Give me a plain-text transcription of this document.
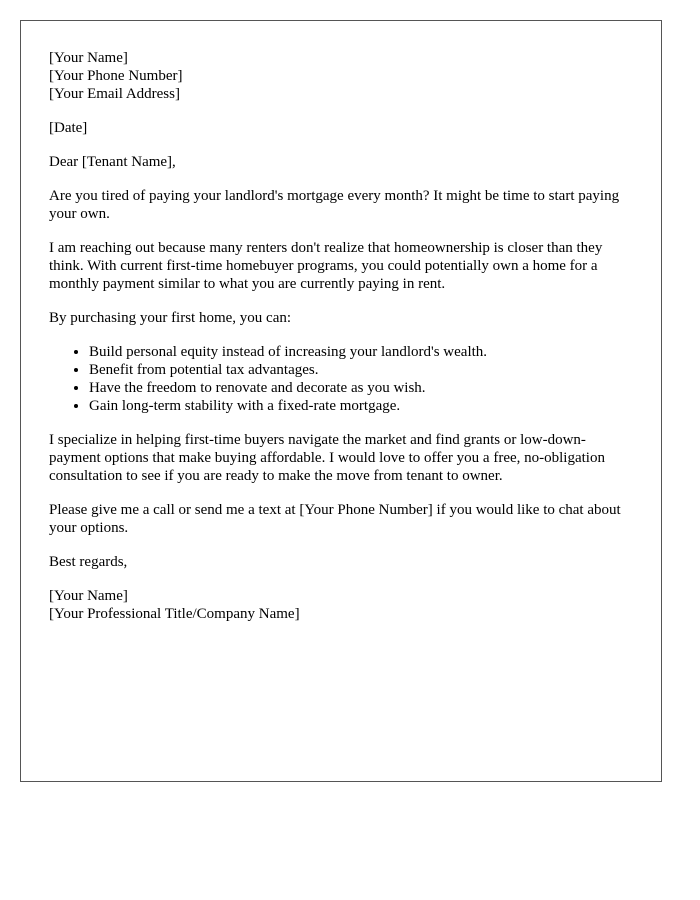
[Your Name]
[Your Phone Number]
[Your Email Address]

[Date]

Dear [Tenant Name],

Are you tired of paying your landlord's mortgage every month? It might be time to start paying your own.

I am reaching out because many renters don't realize that homeownership is closer than they think. With current first-time homebuyer programs, you could potentially own a home for a monthly payment similar to what you are currently paying in rent.

By purchasing your first home, you can:

• Build personal equity instead of increasing your landlord's wealth.
• Benefit from potential tax advantages.
• Have the freedom to renovate and decorate as you wish.
• Gain long-term stability with a fixed-rate mortgage.

I specialize in helping first-time buyers navigate the market and find grants or low-down-payment options that make buying affordable. I would love to offer you a free, no-obligation consultation to see if you are ready to make the move from tenant to owner.

Please give me a call or send me a text at [Your Phone Number] if you would like to chat about your options.

Best regards,

[Your Name]
[Your Professional Title/Company Name]
